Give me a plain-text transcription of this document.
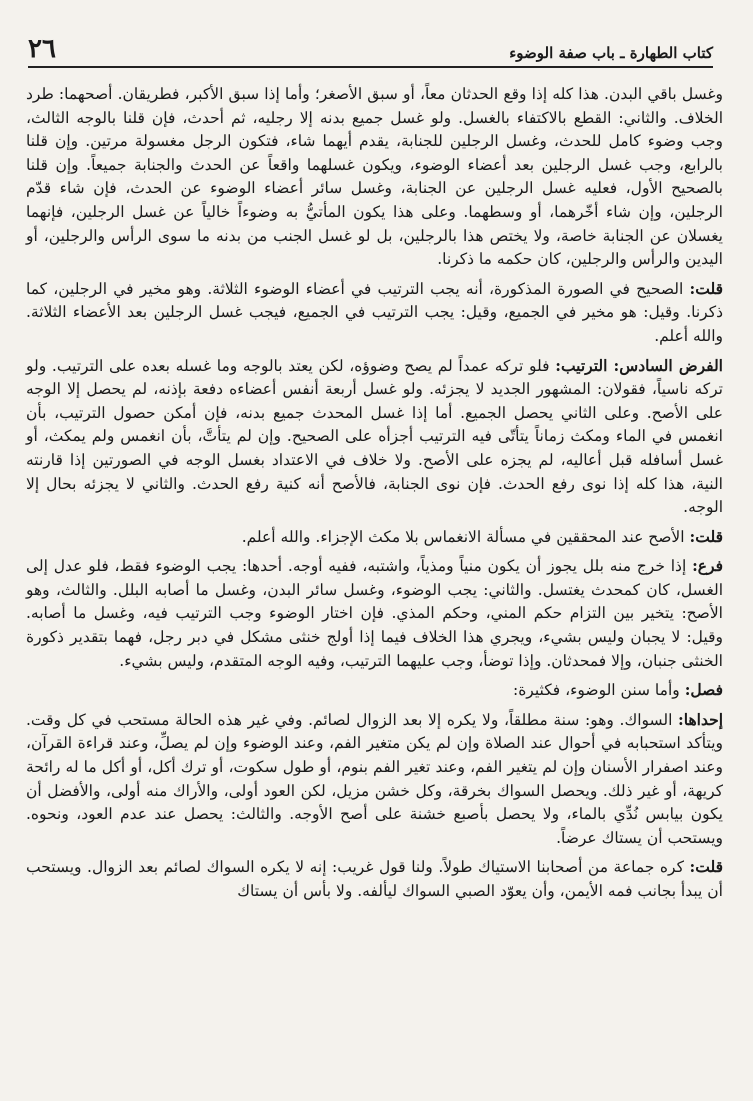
كتاب الطهارة ـ باب صفة الوضوء
٢٦

وغسل باقي البدن. هذا كله إذا وقع الحدثان معاً، أو سبق الأصغر؛ وأما إذا سبق الأكبر، فطريقان. أصحهما: طرد الخلاف. والثاني: القطع بالاكتفاء بالغسل. ولو غسل جميع بدنه إلا رجليه، ثم أحدث، فإن قلنا بالوجه الثالث، وجب وضوء كامل للحدث، وغسل الرجلين للجنابة، يقدم أيهما شاء، فتكون الرجل مغسولة مرتين. وإن قلنا بالرابع، وجب غسل الرجلين بعد أعضاء الوضوء، ويكون غسلهما واقعاً عن الحدث والجنابة جميعاً. وإن قلنا بالصحيح الأول، فعليه غسل الرجلين عن الجنابة، وغسل سائر أعضاء الوضوء عن الحدث، فإن شاء قدّم الرجلين، وإن شاء أخّرهما، أو وسطهما. وعلى هذا يكون المأتيُّ به وضوءاً خالياً عن غسل الرجلين، فإنهما يغسلان عن الجنابة خاصة، ولا يختص هذا بالرجلين، بل لو غسل الجنب من بدنه ما سوى الرأس والرجلين، أو اليدين والرأس والرجلين، كان حكمه ما ذكرنا.

قلت: الصحيح في الصورة المذكورة، أنه يجب الترتيب في أعضاء الوضوء الثلاثة. وهو مخير في الرجلين، كما ذكرنا. وقيل: هو مخير في الجميع، وقيل: يجب الترتيب في الجميع، فيجب غسل الرجلين بعد الأعضاء الثلاثة. والله أعلم.

الفرض السادس: الترتيب: فلو تركه عمداً لم يصح وضوؤه، لكن يعتد بالوجه وما غسله بعده على الترتيب. ولو تركه ناسياً، فقولان: المشهور الجديد لا يجزئه. ولو غسل أربعة أنفس أعضاءه دفعة بإذنه، لم يحصل إلا الوجه على الأصح. وعلى الثاني يحصل الجميع. أما إذا غسل المحدث جميع بدنه، فإن أمكن حصول الترتيب، بأن انغمس في الماء ومكث زماناً يتأتّى فيه الترتيب أجزأه على الصحيح. وإن لم يتأتَّ، بأن انغمس ولم يمكث، أو غسل أسافله قبل أعاليه، لم يجزه على الأصح. ولا خلاف في الاعتداد بغسل الوجه في الصورتين إذا قارنته النية، هذا كله إذا نوى رفع الحدث. فإن نوى الجنابة، فالأصح أنه كنية رفع الحدث. والثاني لا يجزئه بحال إلا الوجه.

قلت: الأصح عند المحققين في مسألة الانغماس بلا مكث الإجزاء. والله أعلم.

فرع: إذا خرج منه بلل يجوز أن يكون منياً ومذياً، واشتبه، ففيه أوجه. أحدها: يجب الوضوء فقط، فلو عدل إلى الغسل، كان كمحدث يغتسل. والثاني: يجب الوضوء، وغسل سائر البدن، وغسل ما أصابه البلل. والثالث، وهو الأصح: يتخير بين التزام حكم المني، وحكم المذي. فإن اختار الوضوء وجب الترتيب فيه، وغسل ما أصابه. وقيل: لا يجبان وليس بشيء، ويجري هذا الخلاف فيما إذا أولج خنثى مشكل في دبر رجل، فهما بتقدير ذكورة الخنثى جنبان، وإلا فمحدثان. وإذا توضأ، وجب عليهما الترتيب، وفيه الوجه المتقدم، وليس بشيء.

فصل: وأما سنن الوضوء، فكثيرة:

إحداها: السواك. وهو: سنة مطلقاً، ولا يكره إلا بعد الزوال لصائم. وفي غير هذه الحالة مستحب في كل وقت. ويتأكد استحبابه في أحوال عند الصلاة وإن لم يكن متغير الفم، وعند الوضوء وإن لم يصلِّ، وعند قراءة القرآن، وعند اصفرار الأسنان وإن لم يتغير الفم، وعند تغير الفم بنوم، أو طول سكوت، أو ترك أكل، أو أكل ما له رائحة كريهة، أو غير ذلك. ويحصل السواك بخرقة، وكل خشن مزيل، لكن العود أولى، والأراك منه أولى، والأفضل أن يكون بيابس نُدِّي بالماء، ولا يحصل بأصبع خشنة على أصح الأوجه. والثالث: يحصل عند عدم العود، ونحوه. ويستحب أن يستاك عرضاً.

قلت: كره جماعة من أصحابنا الاستياك طولاً. ولنا قول غريب: إنه لا يكره السواك لصائم بعد الزوال. ويستحب أن يبدأ بجانب فمه الأيمن، وأن يعوّد الصبي السواك ليألفه. ولا بأس أن يستاك
